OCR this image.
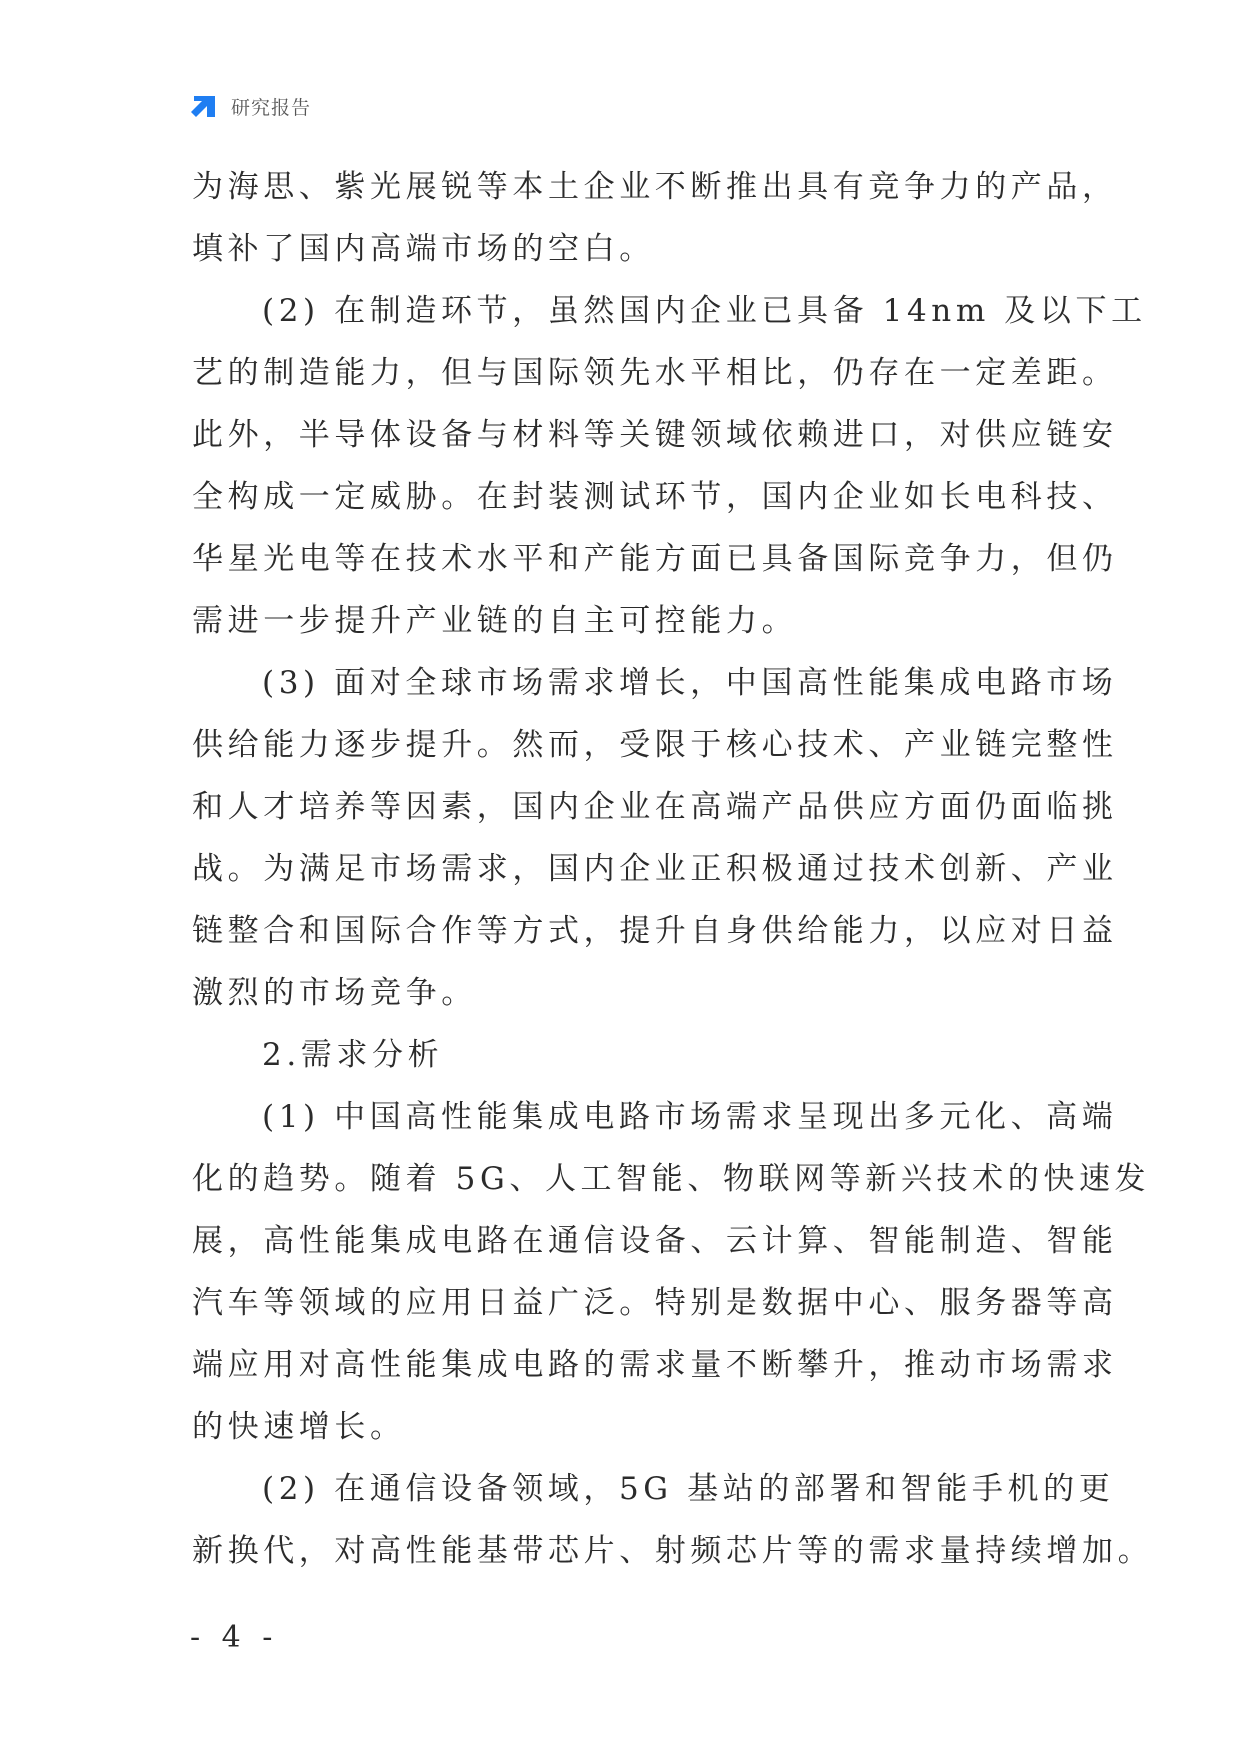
研究报告

为海思、紫光展锐等本土企业不断推出具有竞争力的产品，
填补了国内高端市场的空白。

(2) 在制造环节，虽然国内企业已具备 14nm 及以下工
艺的制造能力，但与国际领先水平相比，仍存在一定差距。
此外，半导体设备与材料等关键领域依赖进口，对供应链安
全构成一定威胁。在封装测试环节，国内企业如长电科技、
华星光电等在技术水平和产能方面已具备国际竞争力，但仍
需进一步提升产业链的自主可控能力。

(3) 面对全球市场需求增长，中国高性能集成电路市场
供给能力逐步提升。然而，受限于核心技术、产业链完整性
和人才培养等因素，国内企业在高端产品供应方面仍面临挑
战。为满足市场需求，国内企业正积极通过技术创新、产业
链整合和国际合作等方式，提升自身供给能力，以应对日益
激烈的市场竞争。

2.需求分析

(1) 中国高性能集成电路市场需求呈现出多元化、高端
化的趋势。随着 5G、人工智能、物联网等新兴技术的快速发
展，高性能集成电路在通信设备、云计算、智能制造、智能
汽车等领域的应用日益广泛。特别是数据中心、服务器等高
端应用对高性能集成电路的需求量不断攀升，推动市场需求
的快速增长。

(2) 在通信设备领域，5G 基站的部署和智能手机的更
新换代，对高性能基带芯片、射频芯片等的需求量持续增加。

- 4 -
